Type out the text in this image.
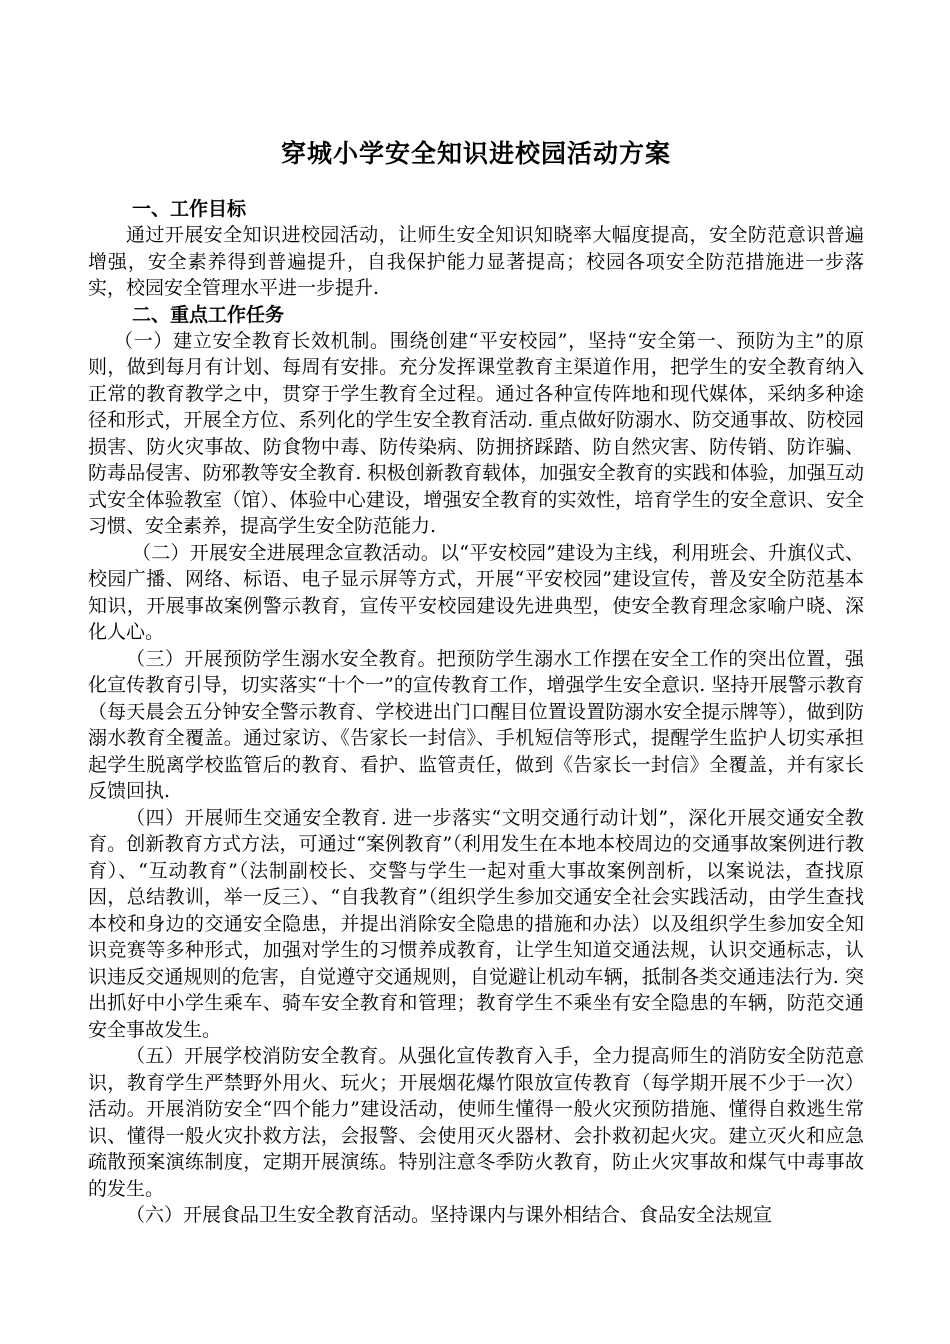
穿城小学安全知识进校园活动方案

一、工作目标

通过开展安全知识进校园活动，让师生安全知识知晓率大幅度提高，安全防范意识普遍增强，安全素养得到普遍提升，自我保护能力显著提高；校园各项安全防范措施进一步落实，校园安全管理水平进一步提升.

二、重点工作任务

（一）建立安全教育长效机制。围绕创建“平安校园”，坚持“安全第一、预防为主”的原则，做到每月有计划、每周有安排。充分发挥课堂教育主渠道作用，把学生的安全教育纳入正常的教育教学之中，贯穿于学生教育全过程。通过各种宣传阵地和现代媒体，采纳多种途径和形式，开展全方位、系列化的学生安全教育活动. 重点做好防溺水、防交通事故、防校园损害、防火灾事故、防食物中毒、防传染病、防拥挤踩踏、防自然灾害、防传销、防诈骗、防毒品侵害、防邪教等安全教育. 积极创新教育载体，加强安全教育的实践和体验，加强互动式安全体验教室（馆）、体验中心建设，增强安全教育的实效性，培育学生的安全意识、安全习惯、安全素养，提高学生安全防范能力.

（二）开展安全进展理念宣教活动。以“平安校园”建设为主线，利用班会、升旗仪式、校园广播、网络、标语、电子显示屏等方式，开展“平安校园”建设宣传，普及安全防范基本知识，开展事故案例警示教育，宣传平安校园建设先进典型，使安全教育理念家喻户晓、深化人心。

（三）开展预防学生溺水安全教育。把预防学生溺水工作摆在安全工作的突出位置，强化宣传教育引导，切实落实“十个一”的宣传教育工作，增强学生安全意识. 坚持开展警示教育（每天晨会五分钟安全警示教育、学校进出门口醒目位置设置防溺水安全提示牌等），做到防溺水教育全覆盖。通过家访、《告家长一封信》、手机短信等形式，提醒学生监护人切实承担起学生脱离学校监管后的教育、看护、监管责任，做到《告家长一封信》全覆盖，并有家长反馈回执.

（四）开展师生交通安全教育. 进一步落实“文明交通行动计划”，深化开展交通安全教育。创新教育方式方法，可通过“案例教育”（利用发生在本地本校周边的交通事故案例进行教育）、“互动教育”（法制副校长、交警与学生一起对重大事故案例剖析，以案说法，查找原因，总结教训，举一反三）、“自我教育”（组织学生参加交通安全社会实践活动，由学生查找本校和身边的交通安全隐患，并提出消除安全隐患的措施和办法）以及组织学生参加安全知识竞赛等多种形式，加强对学生的习惯养成教育，让学生知道交通法规，认识交通标志，认识违反交通规则的危害，自觉遵守交通规则，自觉避让机动车辆，抵制各类交通违法行为. 突出抓好中小学生乘车、骑车安全教育和管理；教育学生不乘坐有安全隐患的车辆，防范交通安全事故发生。

（五）开展学校消防安全教育。从强化宣传教育入手，全力提高师生的消防安全防范意识，教育学生严禁野外用火、玩火；开展烟花爆竹限放宣传教育（每学期开展不少于一次）活动。开展消防安全“四个能力”建设活动，使师生懂得一般火灾预防措施、懂得自救逃生常识、懂得一般火灾扑救方法，会报警、会使用灭火器材、会扑救初起火灾。建立灭火和应急疏散预案演练制度，定期开展演练。特别注意冬季防火教育，防止火灾事故和煤气中毒事故的发生。

（六）开展食品卫生安全教育活动。坚持课内与课外相结合、食品安全法规宣
